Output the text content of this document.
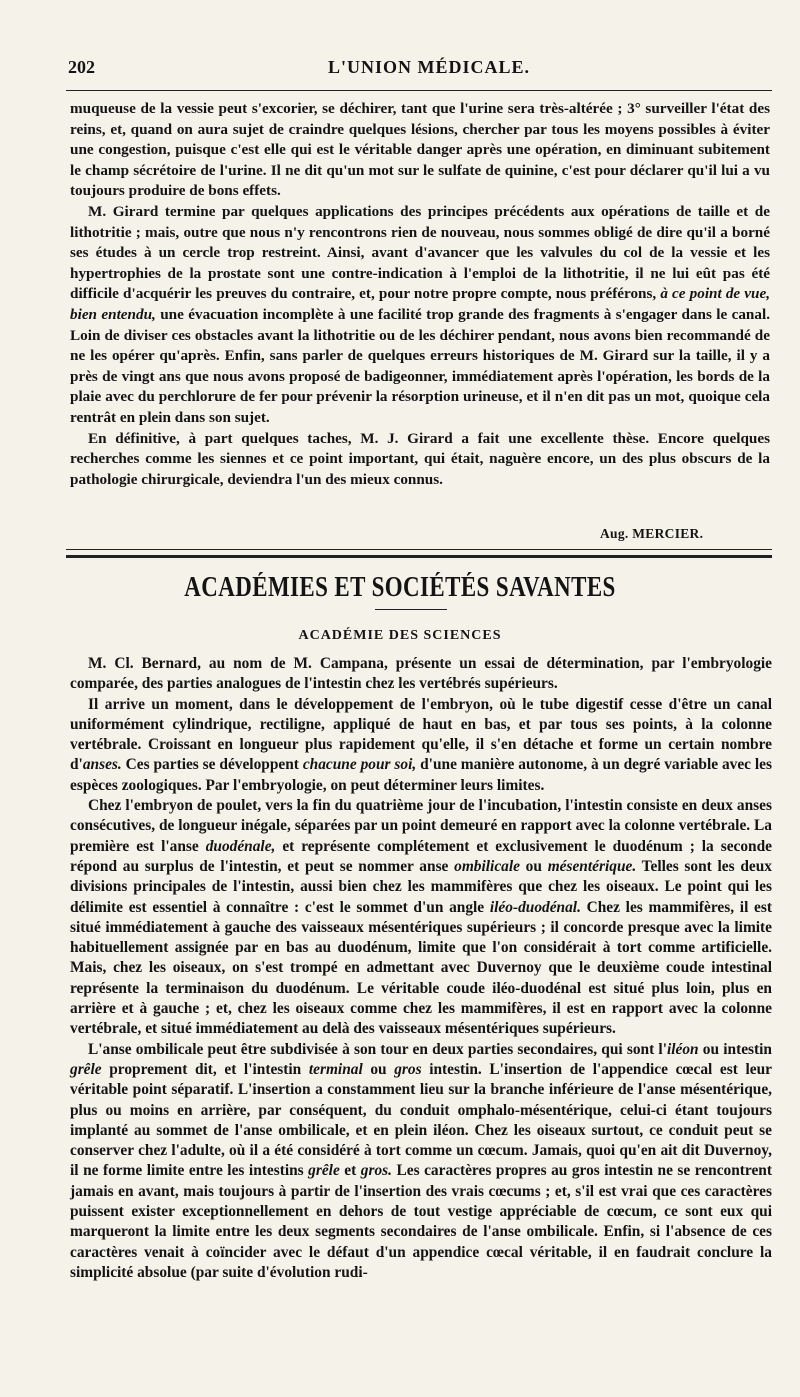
202	L'UNION MÉDICALE.

muqueuse de la vessie peut s'excorier, se déchirer, tant que l'urine sera très-altérée ; 3° surveiller l'état des reins, et, quand on aura sujet de craindre quelques lésions, chercher par tous les moyens possibles à éviter une congestion, puisque c'est elle qui est le véritable danger après une opération, en diminuant subitement le champ sécrétoire de l'urine. Il ne dit qu'un mot sur le sulfate de quinine, c'est pour déclarer qu'il lui a vu toujours produire de bons effets.

M. Girard termine par quelques applications des principes précédents aux opérations de taille et de lithotritie ; mais, outre que nous n'y rencontrons rien de nouveau, nous sommes obligé de dire qu'il a borné ses études à un cercle trop restreint. Ainsi, avant d'avancer que les valvules du col de la vessie et les hypertrophies de la prostate sont une contre-indication à l'emploi de la lithotritie, il ne lui eût pas été difficile d'acquérir les preuves du contraire, et, pour notre propre compte, nous préférons, à ce point de vue, bien entendu, une évacuation incomplète à une facilité trop grande des fragments à s'engager dans le canal. Loin de diviser ces obstacles avant la lithotritie ou de les déchirer pendant, nous avons bien recommandé de ne les opérer qu'après. Enfin, sans parler de quelques erreurs historiques de M. Girard sur la taille, il y a près de vingt ans que nous avons proposé de badigeonner, immédiatement après l'opération, les bords de la plaie avec du perchlorure de fer pour prévenir la résorption urineuse, et il n'en dit pas un mot, quoique cela rentrât en plein dans son sujet.

En définitive, à part quelques taches, M. J. Girard a fait une excellente thèse. Encore quelques recherches comme les siennes et ce point important, qui était, naguère encore, un des plus obscurs de la pathologie chirurgicale, deviendra l'un des mieux connus.

Aug. MERCIER.
ACADÉMIES ET SOCIÉTÉS SAVANTES
ACADÉMIE DES SCIENCES

M. Cl. Bernard, au nom de M. Campana, présente un essai de détermination, par l'embryologie comparée, des parties analogues de l'intestin chez les vertébrés supérieurs.

Il arrive un moment, dans le développement de l'embryon, où le tube digestif cesse d'être un canal uniformément cylindrique, rectiligne, appliqué de haut en bas, et par tous ses points, à la colonne vertébrale. Croissant en longueur plus rapidement qu'elle, il s'en détache et forme un certain nombre d'anses. Ces parties se développent chacune pour soi, d'une manière autonome, à un degré variable avec les espèces zoologiques. Par l'embryologie, on peut déterminer leurs limites.

Chez l'embryon de poulet, vers la fin du quatrième jour de l'incubation, l'intestin consiste en deux anses consécutives, de longueur inégale, séparées par un point demeuré en rapport avec la colonne vertébrale. La première est l'anse duodénale, et représente complétement et exclusivement le duodénum ; la seconde répond au surplus de l'intestin, et peut se nommer anse ombilicale ou mésentérique. Telles sont les deux divisions principales de l'intestin, aussi bien chez les mammifères que chez les oiseaux. Le point qui les délimite est essentiel à connaître : c'est le sommet d'un angle iléo-duodénal. Chez les mammifères, il est situé immédiatement à gauche des vaisseaux mésentériques supérieurs ; il concorde presque avec la limite habituellement assignée par en bas au duodénum, limite que l'on considérait à tort comme artificielle. Mais, chez les oiseaux, on s'est trompé en admettant avec Duvernoy que le deuxième coude intestinal représente la terminaison du duodénum. Le véritable coude iléo-duodénal est situé plus loin, plus en arrière et à gauche ; et, chez les oiseaux comme chez les mammifères, il est en rapport avec la colonne vertébrale, et situé immédiatement au delà des vaisseaux mésentériques supérieurs.

L'anse ombilicale peut être subdivisée à son tour en deux parties secondaires, qui sont l'iléon ou intestin grêle proprement dit, et l'intestin terminal ou gros intestin. L'insertion de l'appendice cœcal est leur véritable point séparatif. L'insertion a constamment lieu sur la branche inférieure de l'anse mésentérique, plus ou moins en arrière, par conséquent, du conduit omphalo-mésentérique, celui-ci étant toujours implanté au sommet de l'anse ombilicale, et en plein iléon. Chez les oiseaux surtout, ce conduit peut se conserver chez l'adulte, où il a été considéré à tort comme un cœcum. Jamais, quoi qu'en ait dit Duvernoy, il ne forme limite entre les intestins grêle et gros. Les caractères propres au gros intestin ne se rencontrent jamais en avant, mais toujours à partir de l'insertion des vrais cœcums ; et, s'il est vrai que ces caractères puissent exister exceptionnellement en dehors de tout vestige appréciable de cœcum, ce sont eux qui marqueront la limite entre les deux segments secondaires de l'anse ombilicale. Enfin, si l'absence de ces caractères venait à coïncider avec le défaut d'un appendice cœcal véritable, il en faudrait conclure la simplicité absolue (par suite d'évolution rudi-
